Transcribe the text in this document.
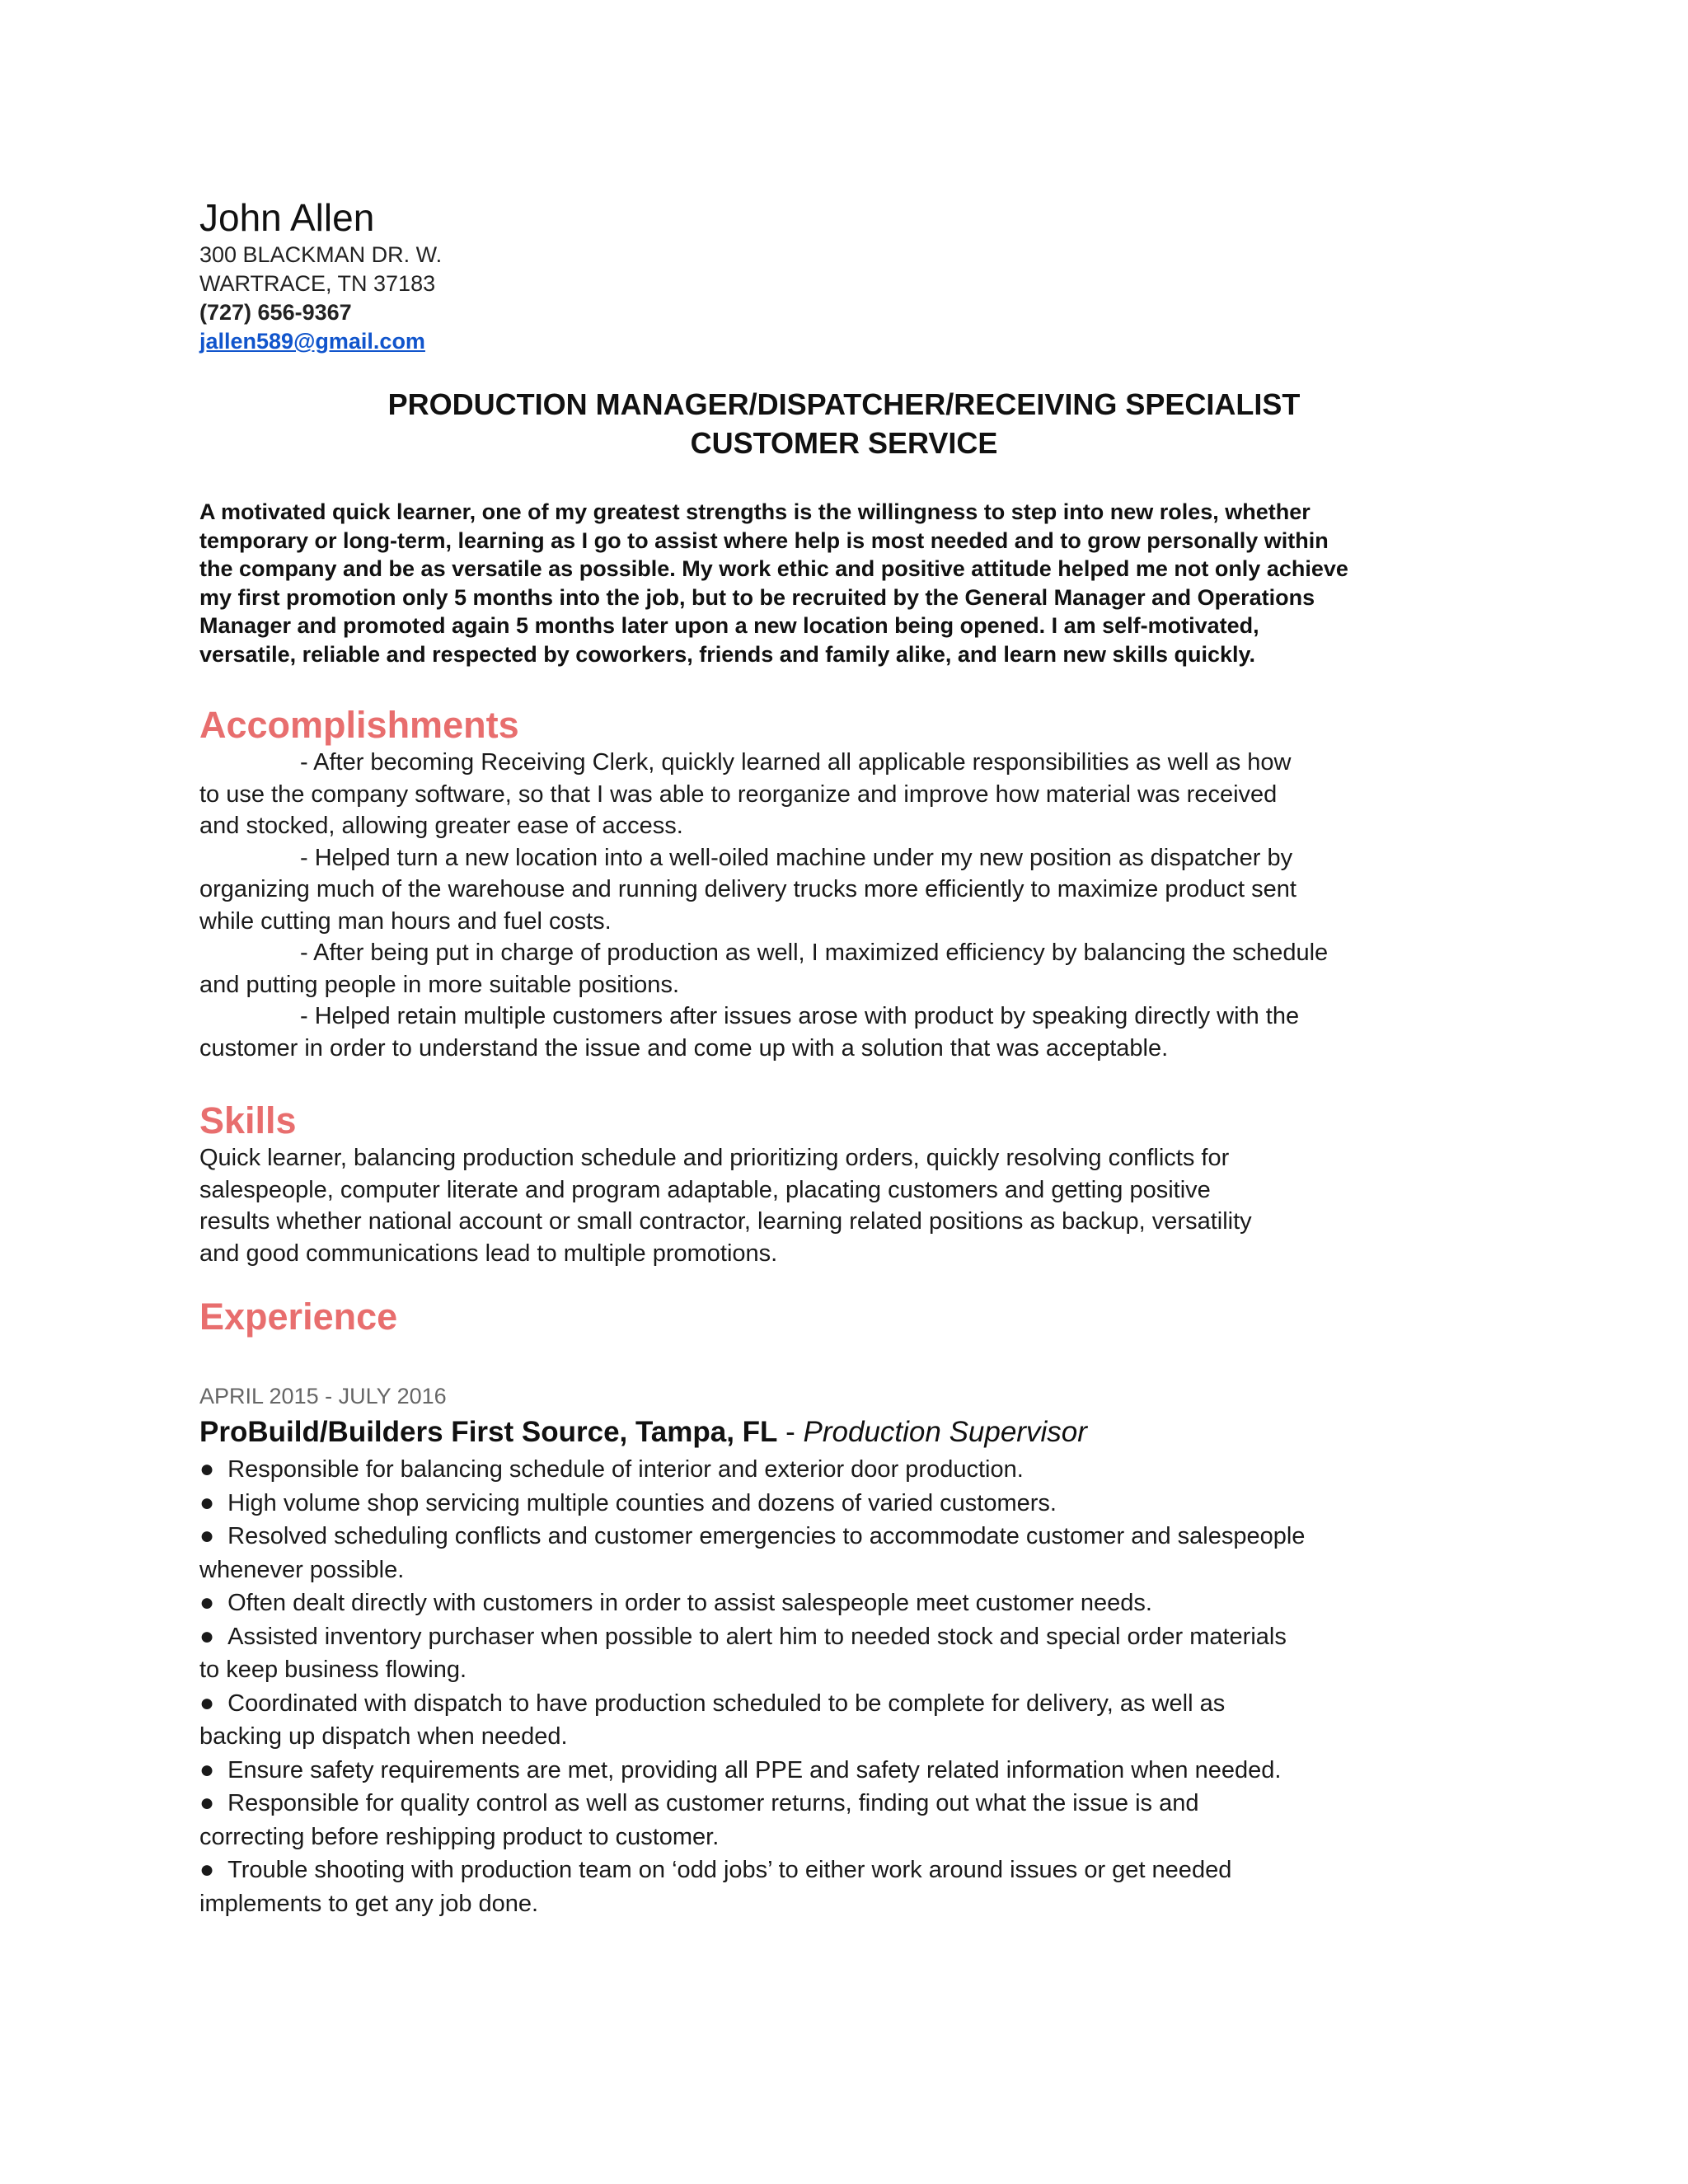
John Allen
300 BLACKMAN DR. W.
WARTRACE, TN 37183
(727) 656-9367
jallen589@gmail.com
PRODUCTION MANAGER/DISPATCHER/RECEIVING SPECIALIST
CUSTOMER SERVICE
A motivated quick learner, one of my greatest strengths is the willingness to step into new roles, whether
temporary or long-term, learning as I go to assist where help is most needed and to grow personally within
the company and be as versatile as possible. My work ethic and positive attitude helped me not only achieve
my first promotion only 5 months into the job, but to be recruited by the General Manager and Operations
Manager and promoted again 5 months later upon a new location being opened. I am self-motivated,
versatile, reliable and respected by coworkers, friends and family alike, and learn new skills quickly.
Accomplishments
- After becoming Receiving Clerk, quickly learned all applicable responsibilities as well as how
to use the company software, so that I was able to reorganize and improve how material was received
and stocked, allowing greater ease of access.
- Helped turn a new location into a well-oiled machine under my new position as dispatcher by
organizing much of the warehouse and running delivery trucks more efficiently to maximize product sent
while cutting man hours and fuel costs.
- After being put in charge of production as well, I maximized efficiency by balancing the schedule
and putting people in more suitable positions.
- Helped retain multiple customers after issues arose with product by speaking directly with the
customer in order to understand the issue and come up with a solution that was acceptable.
Skills
Quick learner, balancing production schedule and prioritizing orders, quickly resolving conflicts for
salespeople, computer literate and program adaptable, placating customers and getting positive
results whether national account or small contractor, learning related positions as backup, versatility
and good communications lead to multiple promotions.
Experience
APRIL 2015 - JULY 2016
ProBuild/Builders First Source, Tampa, FL - Production Supervisor
● Responsible for balancing schedule of interior and exterior door production.
● High volume shop servicing multiple counties and dozens of varied customers.
● Resolved scheduling conflicts and customer emergencies to accommodate customer and salespeople
whenever possible.
● Often dealt directly with customers in order to assist salespeople meet customer needs.
● Assisted inventory purchaser when possible to alert him to needed stock and special order materials
to keep business flowing.
● Coordinated with dispatch to have production scheduled to be complete for delivery, as well as
backing up dispatch when needed.
● Ensure safety requirements are met, providing all PPE and safety related information when needed.
● Responsible for quality control as well as customer returns, finding out what the issue is and
correcting before reshipping product to customer.
● Trouble shooting with production team on ‘odd jobs’ to either work around issues or get needed
implements to get any job done.
